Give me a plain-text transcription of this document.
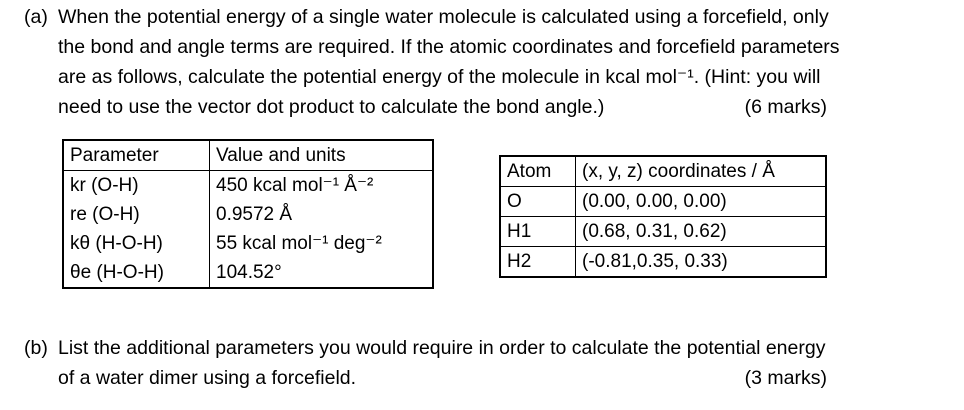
(a) When the potential energy of a single water molecule is calculated using a forcefield, only
the bond and angle terms are required. If the atomic coordinates and forcefield parameters
are as follows, calculate the potential energy of the molecule in kcal mol⁻¹. (Hint: you will
need to use the vector dot product to calculate the bond angle.)	(6 marks)
Parameter	Value and units
kr (O-H)	450 kcal mol⁻¹ Å⁻²
re (O-H)	0.9572 Å
kθ (H-O-H)	55 kcal mol⁻¹ deg⁻²
θe (H-O-H)	104.52°
Atom	(x, y, z) coordinates / Å
O	(0.00, 0.00, 0.00)
H1	(0.68, 0.31, 0.62)
H2	(-0.81,0.35, 0.33)
(b) List the additional parameters you would require in order to calculate the potential energy
of a water dimer using a forcefield.	(3 marks)
